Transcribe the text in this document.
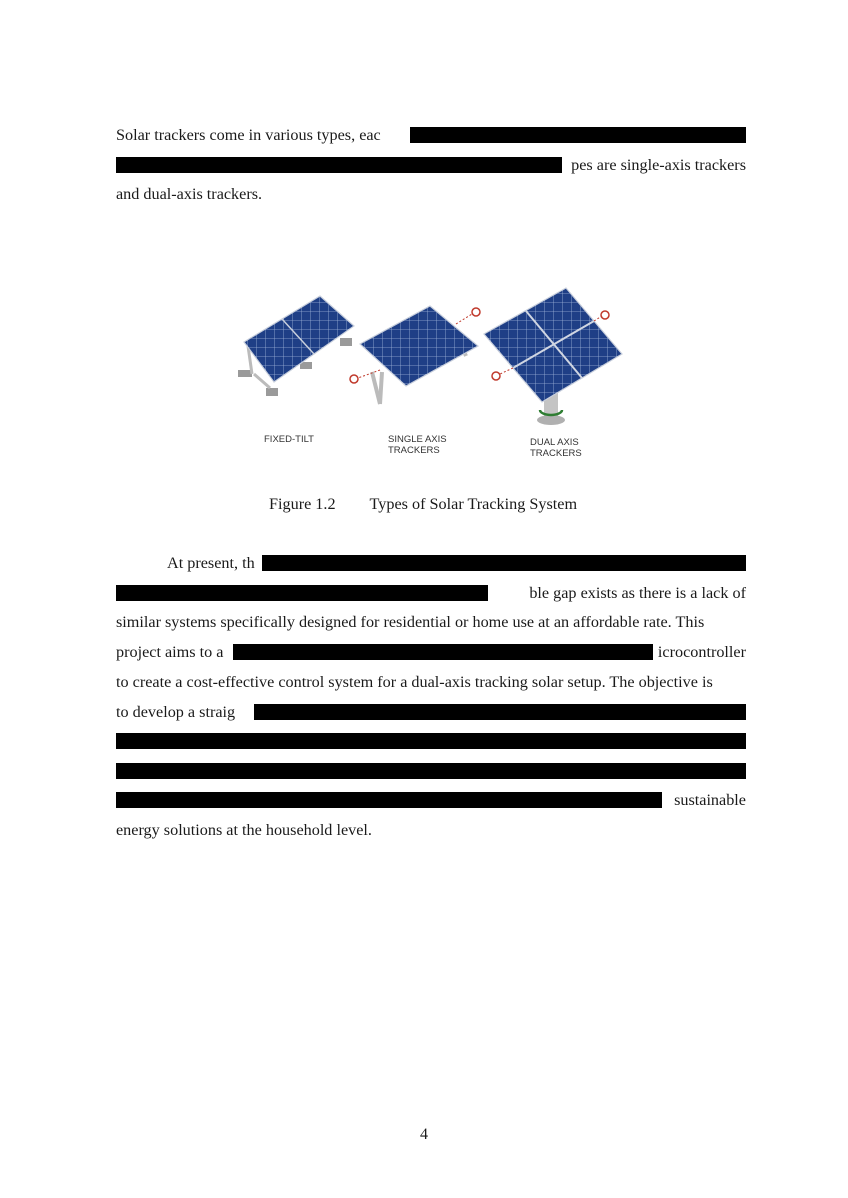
Solar trackers come in various types, eac
pes are single-axis trackers
and dual-axis trackers.
FIXED-TILT	SINGLE AXIS
TRACKERS
DUAL AXIS
TRACKERS
Figure 1.2 Types of Solar Tracking System
At present, th
ble gap exists as there is a lack of
similar systems specifically designed for residential or home use at an affordable rate. This
project aims to a	icrocontroller
to create a cost-effective control system for a dual-axis tracking solar setup. The objective is
to develop a straig
sustainable
energy solutions at the household level.
4
